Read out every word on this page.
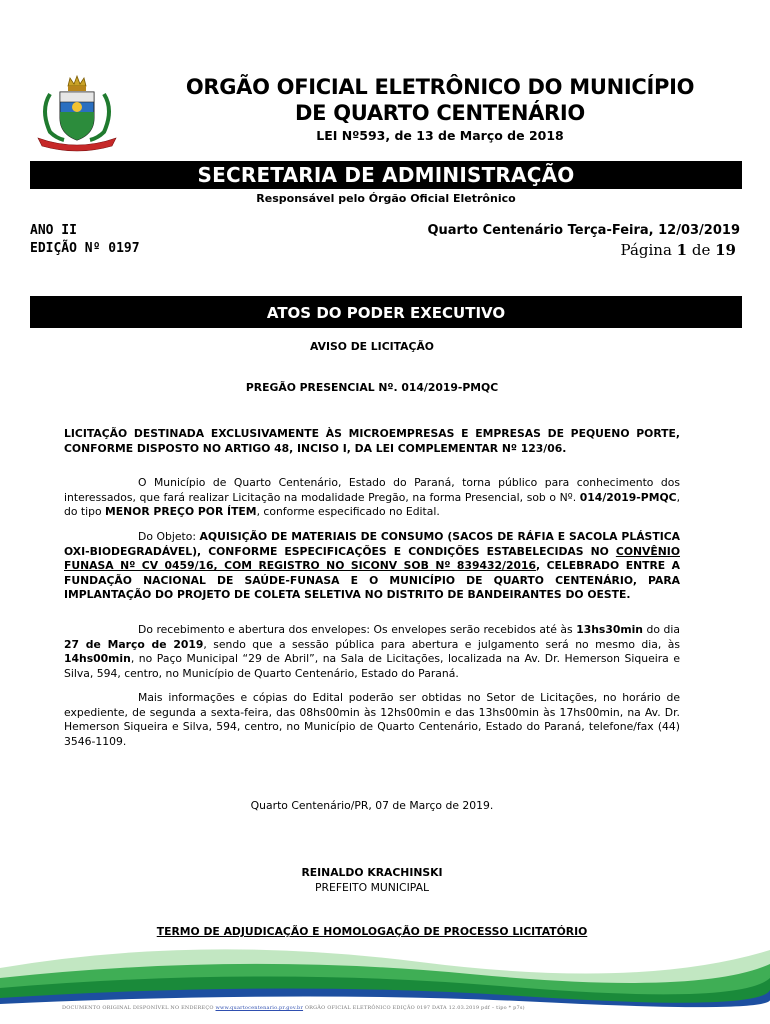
ORGÃO OFICIAL ELETRÔNICO DO MUNICÍPIO
DE QUARTO CENTENÁRIO
LEI Nº593, de 13 de Março de 2018
SECRETARIA DE ADMINISTRAÇÃO
Responsável pelo Órgão Oficial Eletrônico
ANO II
EDIÇÃO Nº 0197
Quarto Centenário Terça-Feira, 12/03/2019
Página 1 de 19
ATOS DO PODER EXECUTIVO
AVISO DE LICITAÇÃO
PREGÃO PRESENCIAL Nº. 014/2019-PMQC
LICITAÇÃO DESTINADA EXCLUSIVAMENTE ÀS MICROEMPRESAS E EMPRESAS DE PEQUENO PORTE, CONFORME DISPOSTO NO ARTIGO 48, INCISO I, DA LEI COMPLEMENTAR Nº 123/06.
O Município de Quarto Centenário, Estado do Paraná, torna público para conhecimento dos interessados, que fará realizar Licitação na modalidade Pregão, na forma Presencial, sob o Nº. 014/2019-PMQC, do tipo MENOR PREÇO POR ÍTEM, conforme especificado no Edital.
Do Objeto: AQUISIÇÃO DE MATERIAIS DE CONSUMO (SACOS DE RÁFIA E SACOLA PLÁSTICA OXI-BIODEGRADÁVEL), CONFORME ESPECIFICAÇÕES E CONDIÇÕES ESTABELECIDAS NO CONVÊNIO FUNASA Nº CV 0459/16, COM REGISTRO NO SICONV SOB Nº 839432/2016, CELEBRADO ENTRE A FUNDAÇÃO NACIONAL DE SAÚDE-FUNASA E O MUNICÍPIO DE QUARTO CENTENÁRIO, PARA IMPLANTAÇÃO DO PROJETO DE COLETA SELETIVA NO DISTRITO DE BANDEIRANTES DO OESTE.
Do recebimento e abertura dos envelopes: Os envelopes serão recebidos até às 13hs30min do dia 27 de Março de 2019, sendo que a sessão pública para abertura e julgamento será no mesmo dia, às 14hs00min, no Paço Municipal “29 de Abril”, na Sala de Licitações, localizada na Av. Dr. Hemerson Siqueira e Silva, 594, centro, no Município de Quarto Centenário, Estado do Paraná.
Mais informações e cópias do Edital poderão ser obtidas no Setor de Licitações, no horário de expediente, de segunda a sexta-feira, das 08hs00min às 12hs00min e das 13hs00min às 17hs00min, na Av. Dr. Hemerson Siqueira e Silva, 594, centro, no Município de Quarto Centenário, Estado do Paraná, telefone/fax (44) 3546-1109.
Quarto Centenário/PR, 07 de Março de 2019.
REINALDO KRACHINSKI
PREFEITO MUNICIPAL
TERMO DE ADJUDICAÇÃO E HOMOLOGAÇÃO DE PROCESSO LICITATÓRIO
DOCUMENTO ORIGINAL DISPONÍVEL NO ENDEREÇO www.quartocentenario.pr.gov.br ORGÃO OFICIAL ELETRÔNICO EDIÇÃO 0197 DATA 12.03.2019 pdf – tipo * p7s)
